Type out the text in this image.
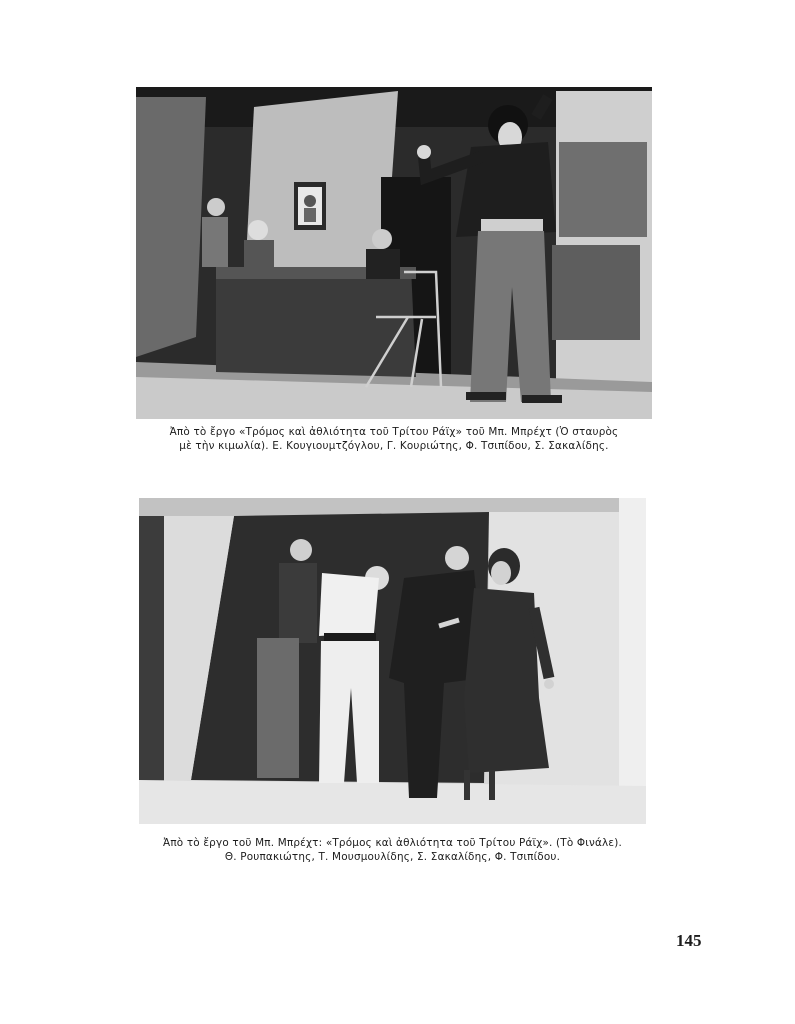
Ἀπὸ τὸ ἔργο «Τρόμος καὶ ἀθλιότητα τοῦ Τρίτου Ράϊχ» τοῦ Μπ. Μπρέχτ (Ὁ σταυρὸς
μὲ τὴν κιμωλία). Ε. Κουγιουμτζόγλου, Γ. Κουριώτης, Φ. Τσιπίδου, Σ. Σακαλίδης.
Ἀπὸ τὸ ἔργο τοῦ Μπ. Μπρέχτ: «Τρόμος καὶ ἀθλιότητα τοῦ Τρίτου Ράϊχ». (Τὸ Φινάλε).
Θ. Ρουπακιώτης, Τ. Μουσμουλίδης, Σ. Σακαλίδης, Φ. Τσιπίδου.
145
